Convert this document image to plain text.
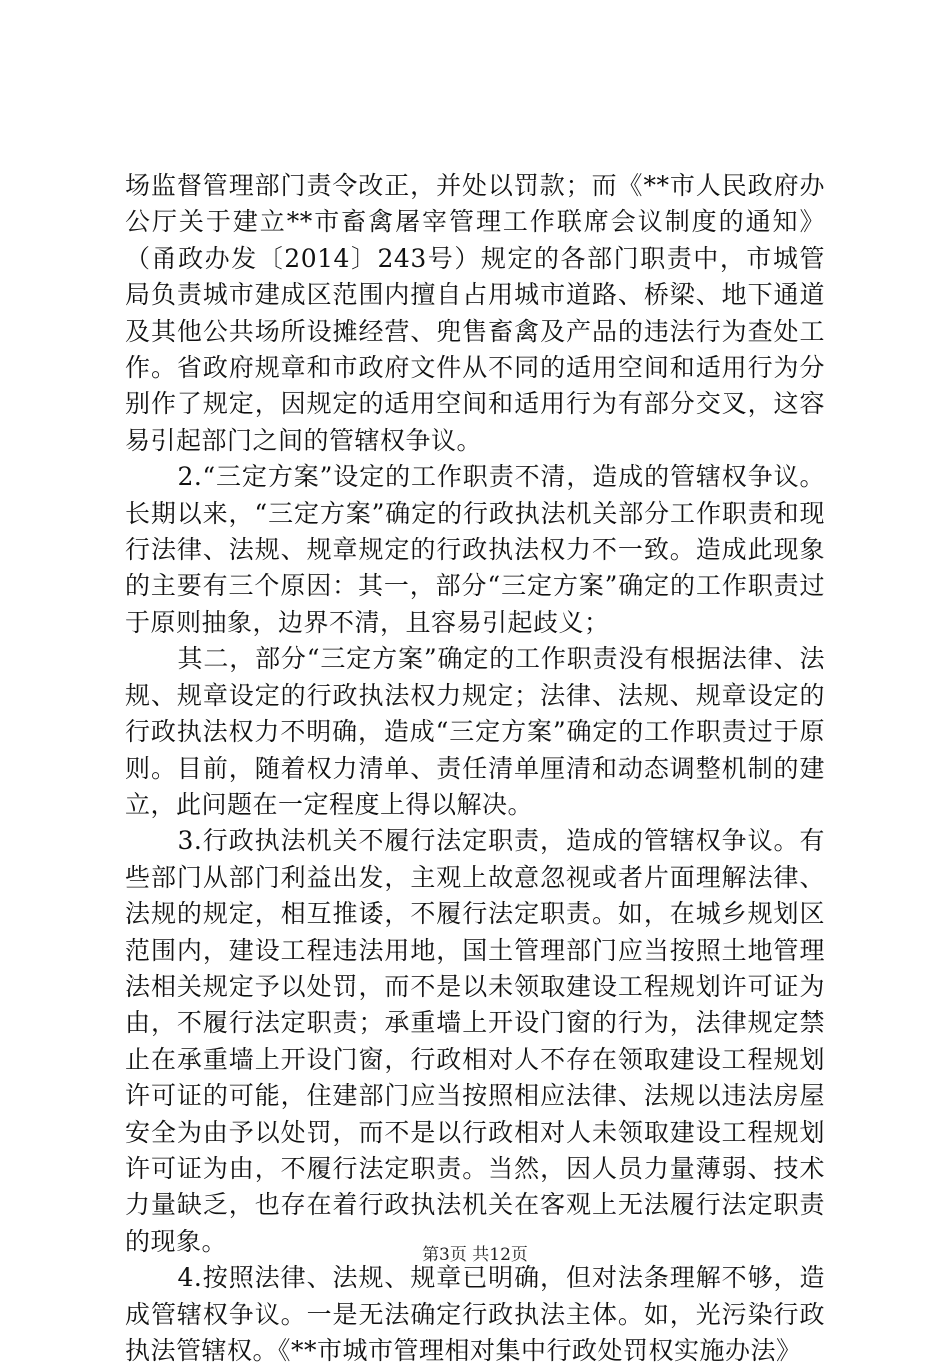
场监督管理部门责令改正，并处以罚款；而《**市人民政府办公厅关于建立**市畜禽屠宰管理工作联席会议制度的通知》（甬政办发〔2014〕243号）规定的各部门职责中，市城管局负责城市建成区范围内擅自占用城市道路、桥梁、地下通道及其他公共场所设摊经营、兜售畜禽及产品的违法行为查处工作。省政府规章和市政府文件从不同的适用空间和适用行为分别作了规定，因规定的适用空间和适用行为有部分交叉，这容易引起部门之间的管辖权争议。

2.“三定方案”设定的工作职责不清，造成的管辖权争议。长期以来，“三定方案”确定的行政执法机关部分工作职责和现行法律、法规、规章规定的行政执法权力不一致。造成此现象的主要有三个原因：其一，部分“三定方案”确定的工作职责过于原则抽象，边界不清，且容易引起歧义；

其二，部分“三定方案”确定的工作职责没有根据法律、法规、规章设定的行政执法权力规定；法律、法规、规章设定的行政执法权力不明确，造成“三定方案”确定的工作职责过于原则。目前，随着权力清单、责任清单厘清和动态调整机制的建立，此问题在一定程度上得以解决。

3.行政执法机关不履行法定职责，造成的管辖权争议。有些部门从部门利益出发，主观上故意忽视或者片面理解法律、法规的规定，相互推诿，不履行法定职责。如，在城乡规划区范围内，建设工程违法用地，国土管理部门应当按照土地管理法相关规定予以处罚，而不是以未领取建设工程规划许可证为由，不履行法定职责；承重墙上开设门窗的行为，法律规定禁止在承重墙上开设门窗，行政相对人不存在领取建设工程规划许可证的可能，住建部门应当按照相应法律、法规以违法房屋安全为由予以处罚，而不是以行政相对人未领取建设工程规划许可证为由，不履行法定职责。当然，因人员力量薄弱、技术力量缺乏，也存在着行政执法机关在客观上无法履行法定职责的现象。

4.按照法律、法规、规章已明确，但对法条理解不够，造成管辖权争议。一是无法确定行政执法主体。如，光污染行政执法管辖权。《**市城市管理相对集中行政处罚权实施办法》

第3页 共12页
